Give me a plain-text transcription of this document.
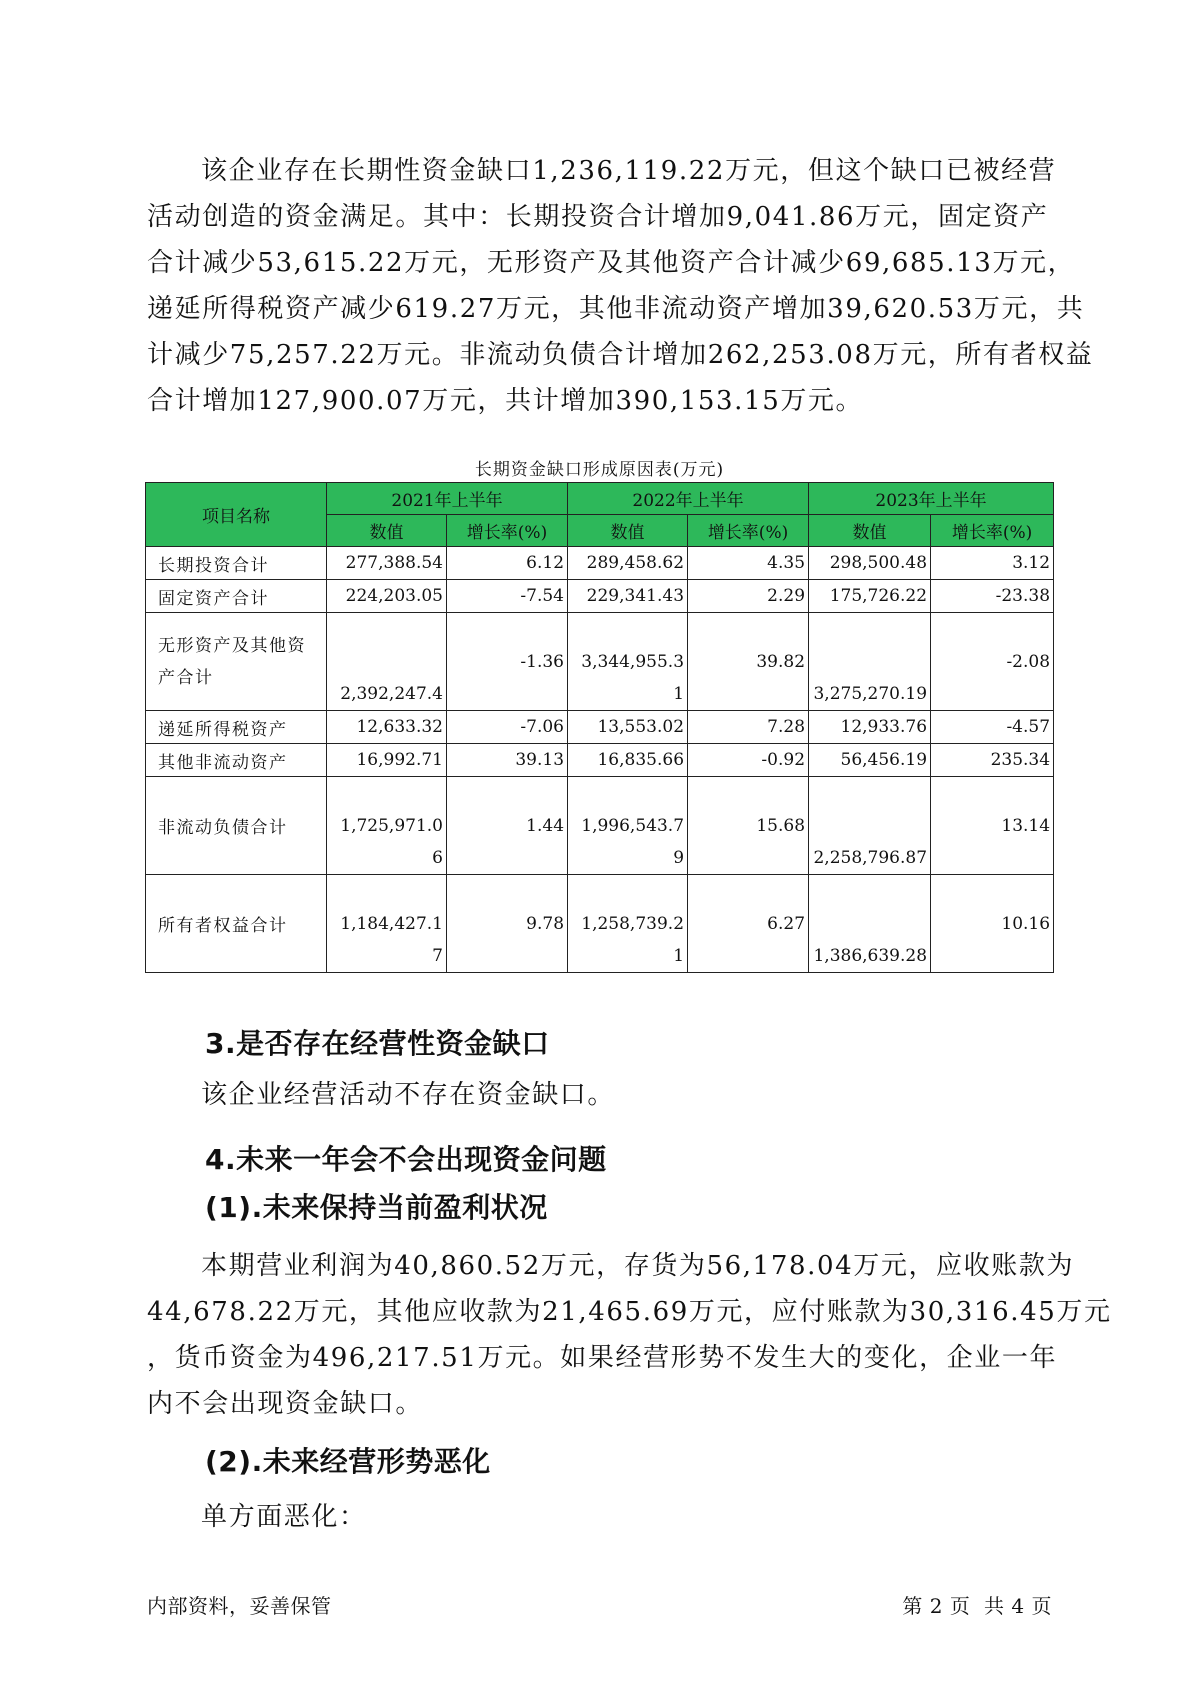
该企业存在长期性资金缺口1,236,119.22万元，但这个缺口已被经营
活动创造的资金满足。其中：长期投资合计增加9,041.86万元，固定资产
合计减少53,615.22万元，无形资产及其他资产合计减少69,685.13万元，
递延所得税资产减少619.27万元，其他非流动资产增加39,620.53万元，共
计减少75,257.22万元。非流动负债合计增加262,253.08万元，所有者权益
合计增加127,900.07万元，共计增加390,153.15万元。

长期资金缺口形成原因表(万元)

项目名称	2021年上半年		2022年上半年		2023年上半年	
	数值	增长率(%)	数值	增长率(%)	数值	增长率(%)
长期投资合计	277,388.54	6.12	289,458.62	4.35	298,500.48	3.12
固定资产合计	224,203.05	-7.54	229,341.43	2.29	175,726.22	-23.38
无形资产及其他资产合计	2,392,247.4	-1.36	3,344,955.31	39.82	3,275,270.19	-2.08
递延所得税资产	12,633.32	-7.06	13,553.02	7.28	12,933.76	-4.57
其他非流动资产	16,992.71	39.13	16,835.66	-0.92	56,456.19	235.34
非流动负债合计	1,725,971.06	1.44	1,996,543.79	15.68	2,258,796.87	13.14
所有者权益合计	1,184,427.17	9.78	1,258,739.21	6.27	1,386,639.28	10.16

3.是否存在经营性资金缺口

该企业经营活动不存在资金缺口。

4.未来一年会不会出现资金问题

(1).未来保持当前盈利状况

本期营业利润为40,860.52万元，存货为56,178.04万元，应收账款为
44,678.22万元，其他应收款为21,465.69万元，应付账款为30,316.45万元
，货币资金为496,217.51万元。如果经营形势不发生大的变化，企业一年
内不会出现资金缺口。

(2).未来经营形势恶化

单方面恶化：

内部资料，妥善保管	第 2 页  共 4 页
